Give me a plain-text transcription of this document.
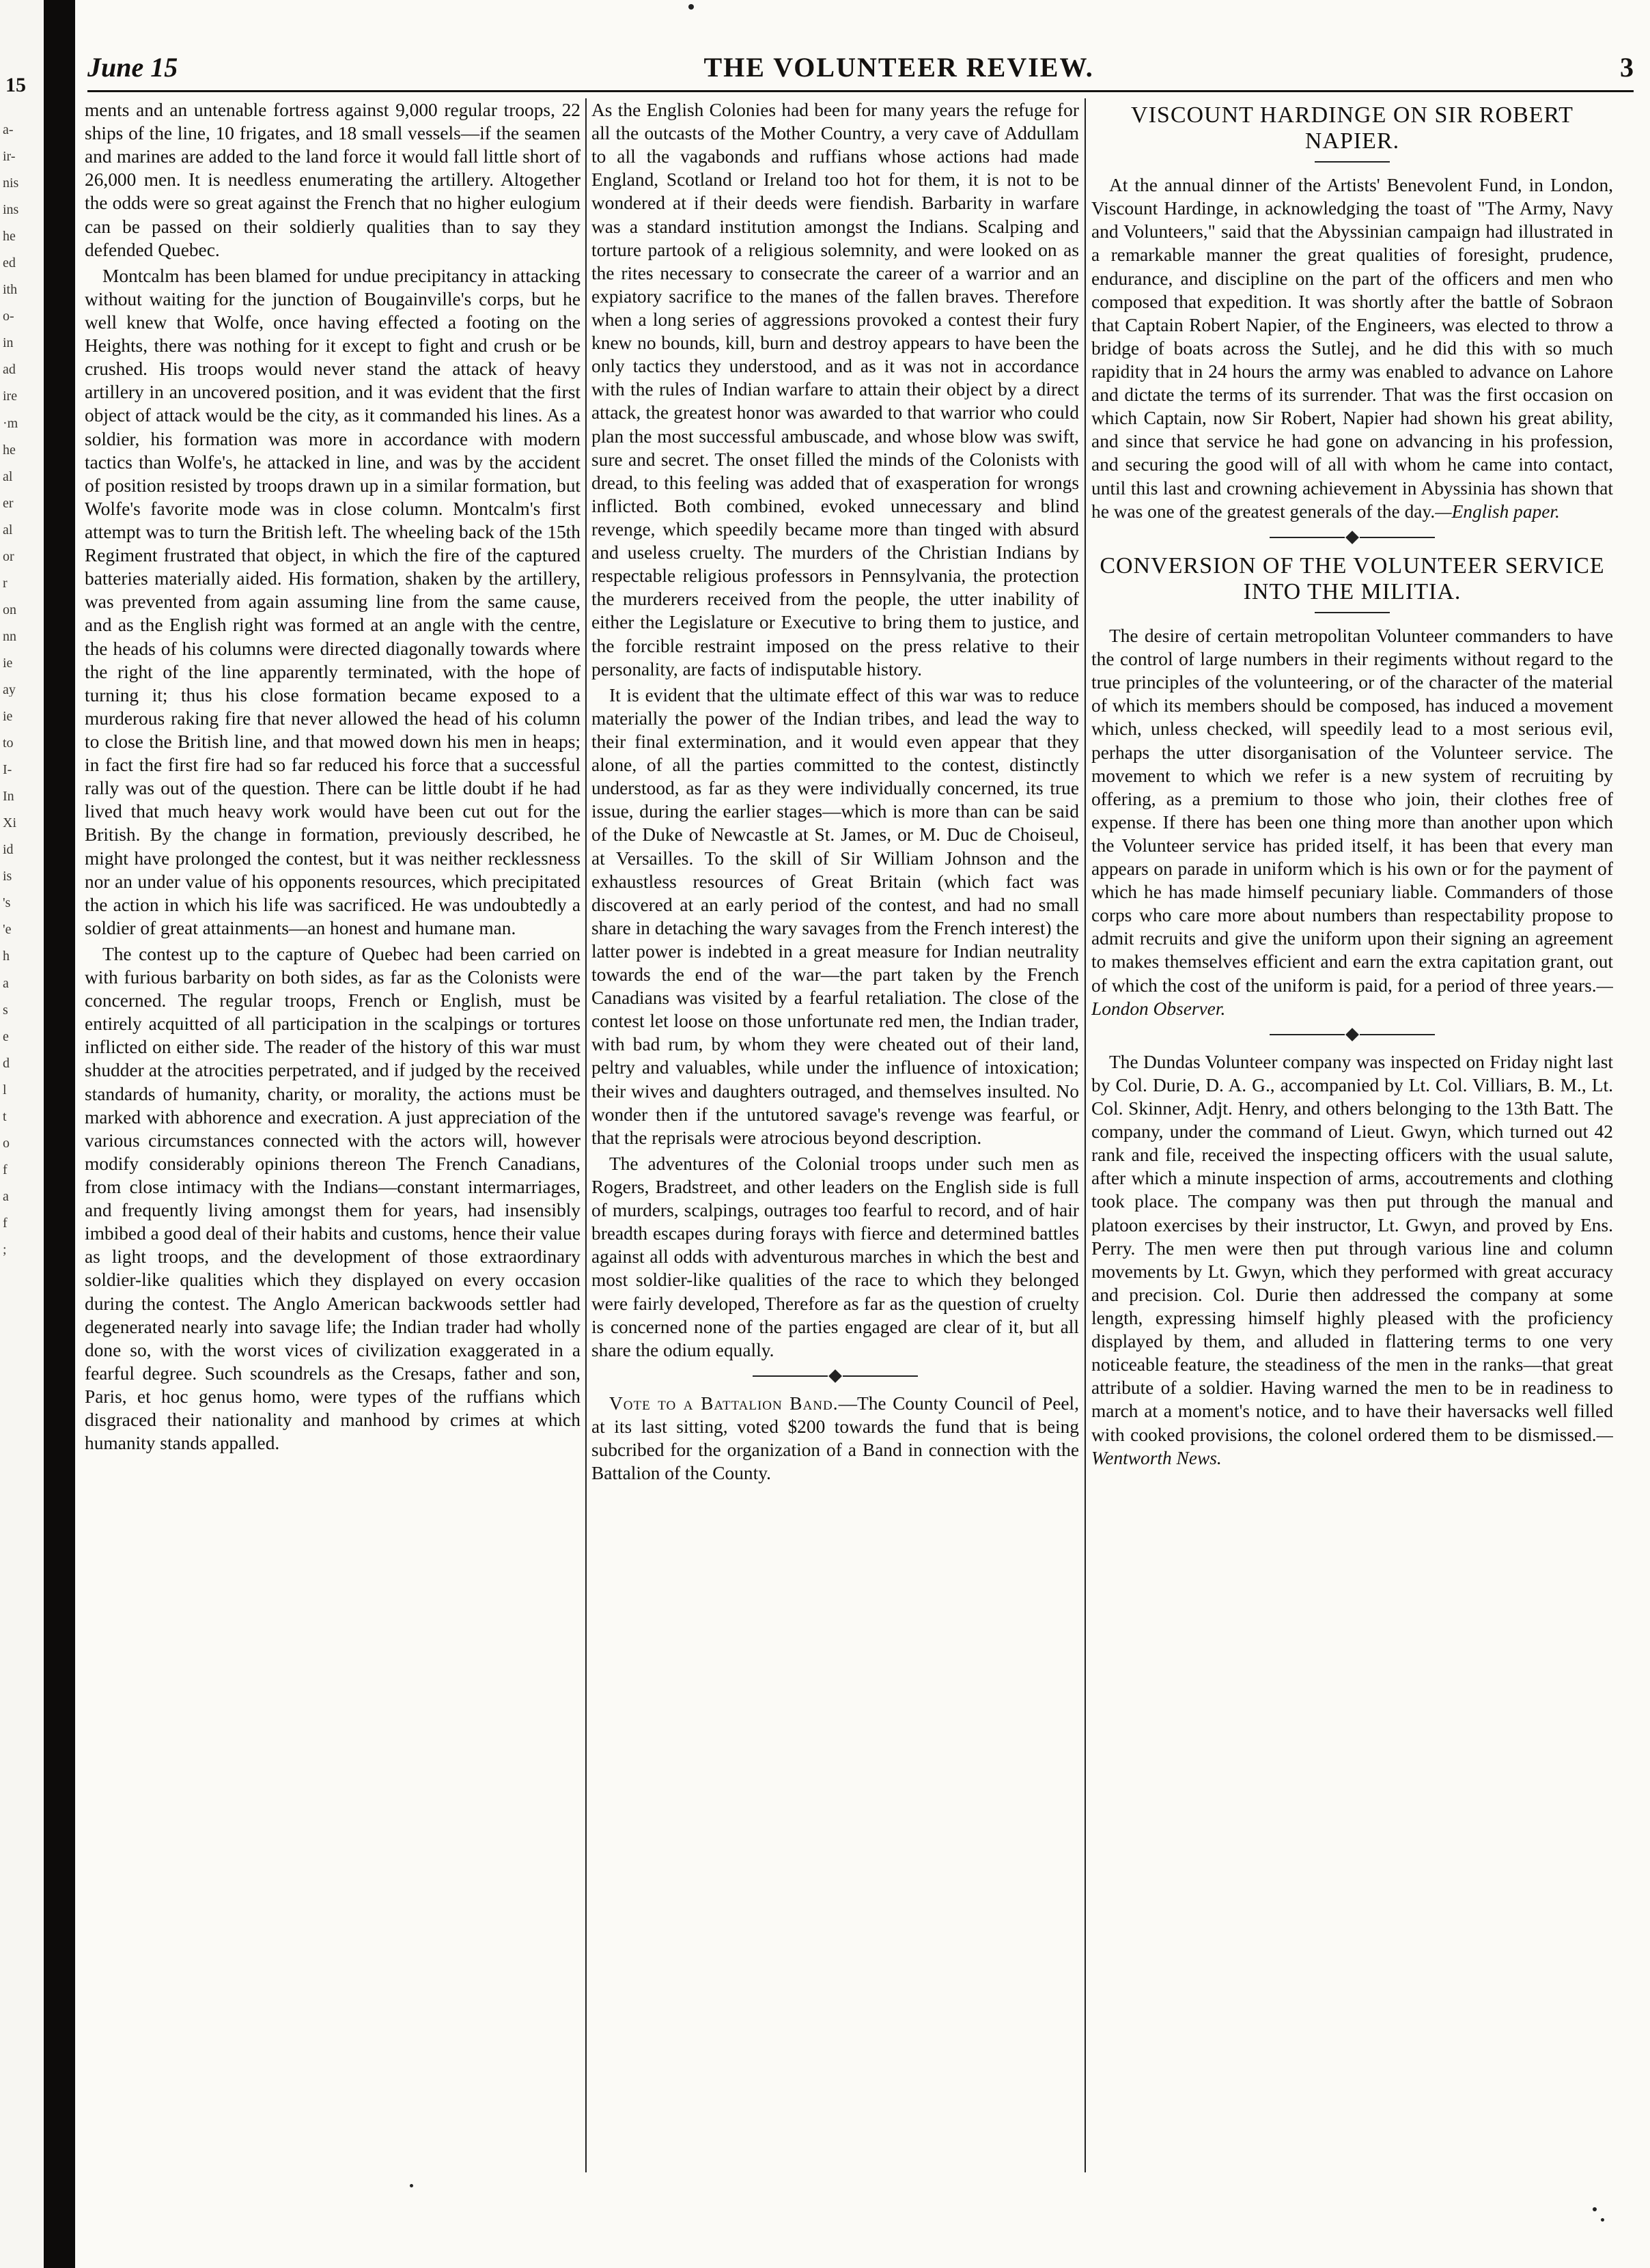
15
a-
ir-
nis
ins
he
ed
ith
o-
in
ad
ire
·m
he
al
er
al
or
r
on
nn
ie
ay
ie
to
I-
In
Xi
id
is
's
'e
h
a
s
e
d
l
t
o
f
a
f
;
June 15	THE VOLUNTEER REVIEW.	3

ments and an untenable fortress against 9,000 regular troops, 22 ships of the line, 10 frigates, and 18 small vessels—if the seamen and marines are added to the land force it would fall little short of 26,000 men. It is needless enumerating the artillery. Altogether the odds were so great against the French that no higher eulogium can be passed on their soldierly qualities than to say they defended Quebec.

Montcalm has been blamed for undue precipitancy in attacking without waiting for the junction of Bougainville's corps, but he well knew that Wolfe, once having effected a footing on the Heights, there was nothing for it except to fight and crush or be crushed. His troops would never stand the attack of heavy artillery in an uncovered position, and it was evident that the first object of attack would be the city, as it commanded his lines. As a soldier, his formation was more in accordance with modern tactics than Wolfe's, he attacked in line, and was by the accident of position resisted by troops drawn up in a similar formation, but Wolfe's favorite mode was in close column. Montcalm's first attempt was to turn the British left. The wheeling back of the 15th Regiment frustrated that object, in which the fire of the captured batteries materially aided. His formation, shaken by the artillery, was prevented from again assuming line from the same cause, and as the English right was formed at an angle with the centre, the heads of his columns were directed diagonally towards where the right of the line apparently terminated, with the hope of turning it; thus his close formation became exposed to a murderous raking fire that never allowed the head of his column to close the British line, and that mowed down his men in heaps; in fact the first fire had so far reduced his force that a successful rally was out of the question. There can be little doubt if he had lived that much heavy work would have been cut out for the British. By the change in formation, previously described, he might have prolonged the contest, but it was neither recklessness nor an under value of his opponents resources, which precipitated the action in which his life was sacrificed. He was undoubtedly a soldier of great attainments—an honest and humane man.

The contest up to the capture of Quebec had been carried on with furious barbarity on both sides, as far as the Colonists were concerned. The regular troops, French or English, must be entirely acquitted of all participation in the scalpings or tortures inflicted on either side. The reader of the history of this war must shudder at the atrocities perpetrated, and if judged by the received standards of humanity, charity, or morality, the actions must be marked with abhorence and execration. A just appreciation of the various circumstances connected with the actors will, however modify considerably opinions thereon The French Canadians, from close intimacy with the Indians—constant intermarriages, and frequently living amongst them for years, had insensibly imbibed a good deal of their habits and customs, hence their value as light troops, and the development of those extraordinary soldier-like qualities which they displayed on every occasion during the contest. The Anglo American backwoods settler had degenerated nearly into savage life; the Indian trader had wholly done so, with the worst vices of civilization exaggerated in a fearful degree. Such scoundrels as the Cresaps, father and son, Paris, et hoc genus homo, were types of the ruffians which disgraced their nationality and manhood by crimes at which humanity stands appalled.

As the English Colonies had been for many years the refuge for all the outcasts of the Mother Country, a very cave of Addullam to all the vagabonds and ruffians whose actions had made England, Scotland or Ireland too hot for them, it is not to be wondered at if their deeds were fiendish. Barbarity in warfare was a standard institution amongst the Indians. Scalping and torture partook of a religious solemnity, and were looked on as the rites necessary to consecrate the career of a warrior and an expiatory sacrifice to the manes of the fallen braves. Therefore when a long series of aggressions provoked a contest their fury knew no bounds, kill, burn and destroy appears to have been the only tactics they understood, and as it was not in accordance with the rules of Indian warfare to attain their object by a direct attack, the greatest honor was awarded to that warrior who could plan the most successful ambuscade, and whose blow was swift, sure and secret. The onset filled the minds of the Colonists with dread, to this feeling was added that of exasperation for wrongs inflicted. Both combined, evoked unnecessary and blind revenge, which speedily became more than tinged with absurd and useless cruelty. The murders of the Christian Indians by respectable religious professors in Pennsylvania, the protection the murderers received from the people, the utter inability of either the Legislature or Executive to bring them to justice, and the forcible restraint imposed on the press relative to their personality, are facts of indisputable history.

It is evident that the ultimate effect of this war was to reduce materially the power of the Indian tribes, and lead the way to their final extermination, and it would even appear that they alone, of all the parties committed to the contest, distinctly understood, as far as they were individually concerned, its true issue, during the earlier stages—which is more than can be said of the Duke of Newcastle at St. James, or M. Duc de Choiseul, at Versailles. To the skill of Sir William Johnson and the exhaustless resources of Great Britain (which fact was discovered at an early period of the contest, and had no small share in detaching the wary savages from the French interest) the latter power is indebted in a great measure for Indian neutrality towards the end of the war—the part taken by the French Canadians was visited by a fearful retaliation. The close of the contest let loose on those unfortunate red men, the Indian trader, with bad rum, by whom they were cheated out of their land, peltry and valuables, while under the influence of intoxication; their wives and daughters outraged, and themselves insulted. No wonder then if the untutored savage's revenge was fearful, or that the reprisals were atrocious beyond description.

The adventures of the Colonial troops under such men as Rogers, Bradstreet, and other leaders on the English side is full of murders, scalpings, outrages too fearful to record, and of hair breadth escapes during forays with fierce and determined battles against all odds with adventurous marches in which the best and most soldier-like qualities of the race to which they belonged were fairly developed, Therefore as far as the question of cruelty is concerned none of the parties engaged are clear of it, but all share the odium equally.

Vote to a Battalion Band.—The County Council of Peel, at its last sitting, voted $200 towards the fund that is being subcribed for the organization of a Band in connection with the Battalion of the County.

VISCOUNT HARDINGE ON SIR ROBERT NAPIER.

At the annual dinner of the Artists' Benevolent Fund, in London, Viscount Hardinge, in acknowledging the toast of "The Army, Navy and Volunteers," said that the Abyssinian campaign had illustrated in a remarkable manner the great qualities of foresight, prudence, endurance, and discipline on the part of the officers and men who composed that expedition. It was shortly after the battle of Sobraon that Captain Robert Napier, of the Engineers, was elected to throw a bridge of boats across the Sutlej, and he did this with so much rapidity that in 24 hours the army was enabled to advance on Lahore and dictate the terms of its surrender. That was the first occasion on which Captain, now Sir Robert, Napier had shown his great ability, and since that service he had gone on advancing in his profession, and securing the good will of all with whom he came into contact, until this last and crowning achievement in Abyssinia has shown that he was one of the greatest generals of the day.—English paper.

CONVERSION OF THE VOLUNTEER SERVICE INTO THE MILITIA.

The desire of certain metropolitan Volunteer commanders to have the control of large numbers in their regiments without regard to the true principles of the volunteering, or of the character of the material of which its members should be composed, has induced a movement which, unless checked, will speedily lead to a most serious evil, perhaps the utter disorganisation of the Volunteer service. The movement to which we refer is a new system of recruiting by offering, as a premium to those who join, their clothes free of expense. If there has been one thing more than another upon which the Volunteer service has prided itself, it has been that every man appears on parade in uniform which is his own or for the payment of which he has made himself pecuniary liable. Commanders of those corps who care more about numbers than respectability propose to admit recruits and give the uniform upon their signing an agreement to makes themselves efficient and earn the extra capitation grant, out of which the cost of the uniform is paid, for a period of three years.—London Observer.

The Dundas Volunteer company was inspected on Friday night last by Col. Durie, D. A. G., accompanied by Lt. Col. Villiars, B. M., Lt. Col. Skinner, Adjt. Henry, and others belonging to the 13th Batt. The company, under the command of Lieut. Gwyn, which turned out 42 rank and file, received the inspecting officers with the usual salute, after which a minute inspection of arms, accoutrements and clothing took place. The company was then put through the manual and platoon exercises by their instructor, Lt. Gwyn, and proved by Ens. Perry. The men were then put through various line and column movements by Lt. Gwyn, which they performed with great accuracy and precision. Col. Durie then addressed the company at some length, expressing himself highly pleased with the proficiency displayed by them, and alluded in flattering terms to one very noticeable feature, the steadiness of the men in the ranks—that great attribute of a soldier. Having warned the men to be in readiness to march at a moment's notice, and to have their haversacks well filled with cooked provisions, the colonel ordered them to be dismissed.—Wentworth News.
